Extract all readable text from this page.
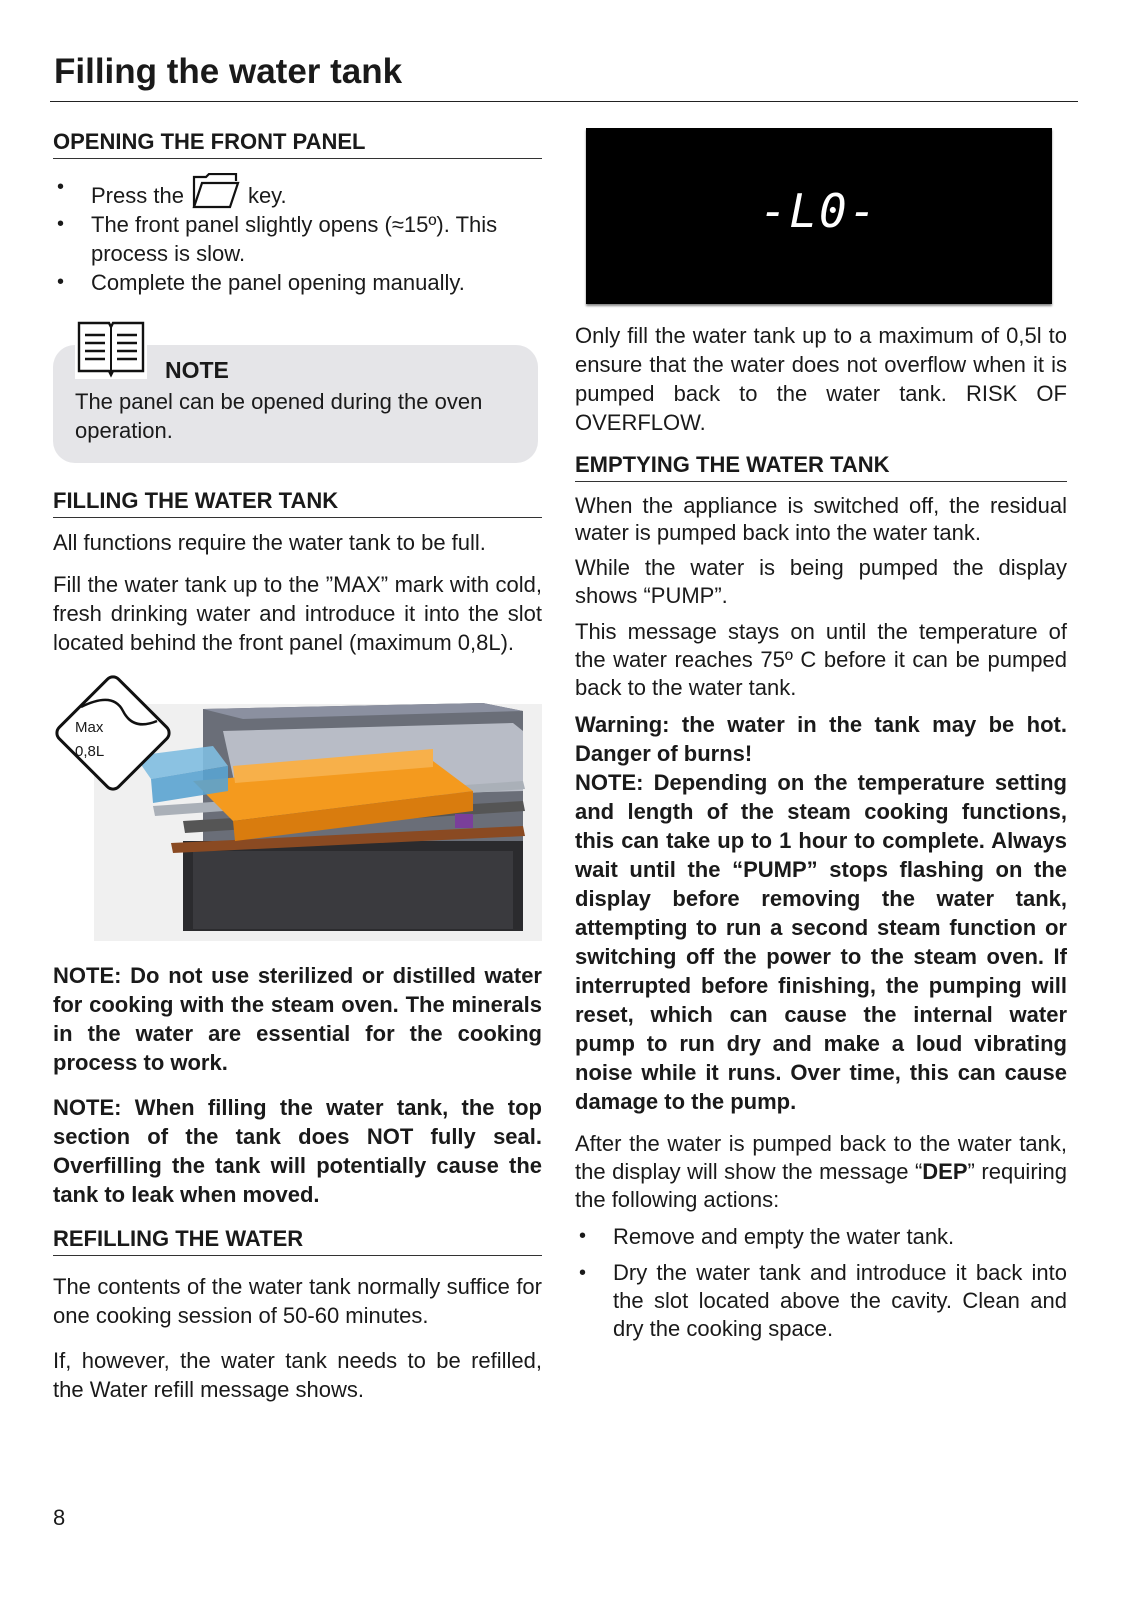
Filling the water tank
OPENING THE FRONT PANEL
• Press the	key.
• The front panel slightly opens (≈15º). This process is slow.
• Complete the panel opening manually.
NOTE

The panel can be opened during the oven operation.

FILLING THE WATER TANK

All functions require the water tank to be full.

Fill the water tank up to the ”MAX” mark with cold, fresh drinking water and introduce it into the slot located behind the front panel (maximum 0,8L).

Max
0,8L

NOTE: Do not use sterilized or distilled water for cooking with the steam oven. The minerals in the water are essential for the cooking process to work.

NOTE: When filling the water tank, the top section of the tank does NOT fully seal. Overfilling the tank will potentially cause the tank to leak when moved.

REFILLING THE WATER

The contents of the water tank normally suffice for one cooking session of 50-60 minutes.

If, however, the water tank needs to be refilled, the Water refill message shows.

-L0-

Only fill the water tank up to a maximum of 0,5l to ensure that the water does not overflow when it is pumped back to the water tank. RISK OF OVERFLOW.

EMPTYING THE WATER TANK

When the appliance is switched off, the residual water is pumped back into the water tank.

While the water is being pumped the display shows “PUMP”.

This message stays on until the temperature of the water reaches 75º C before it can be pumped back to the water tank.

Warning: the water in the tank may be hot. Danger of burns!

NOTE: Depending on the temperature setting and length of the steam cooking functions, this can take up to 1 hour to complete. Always wait until the “PUMP” stops flashing on the display before removing the water tank, attempting to run a second steam function or switching off the power to the steam oven. If interrupted before finishing, the pumping will reset, which can cause the internal water pump to run dry and make a loud vibrating noise while it runs. Over time, this can cause damage to the pump.

After the water is pumped back to the water tank, the display will show the message “DEP” requiring the following actions:

• Remove and empty the water tank.
• Dry the water tank and introduce it back into the slot located above the cavity. Clean and dry the cooking space.
8
